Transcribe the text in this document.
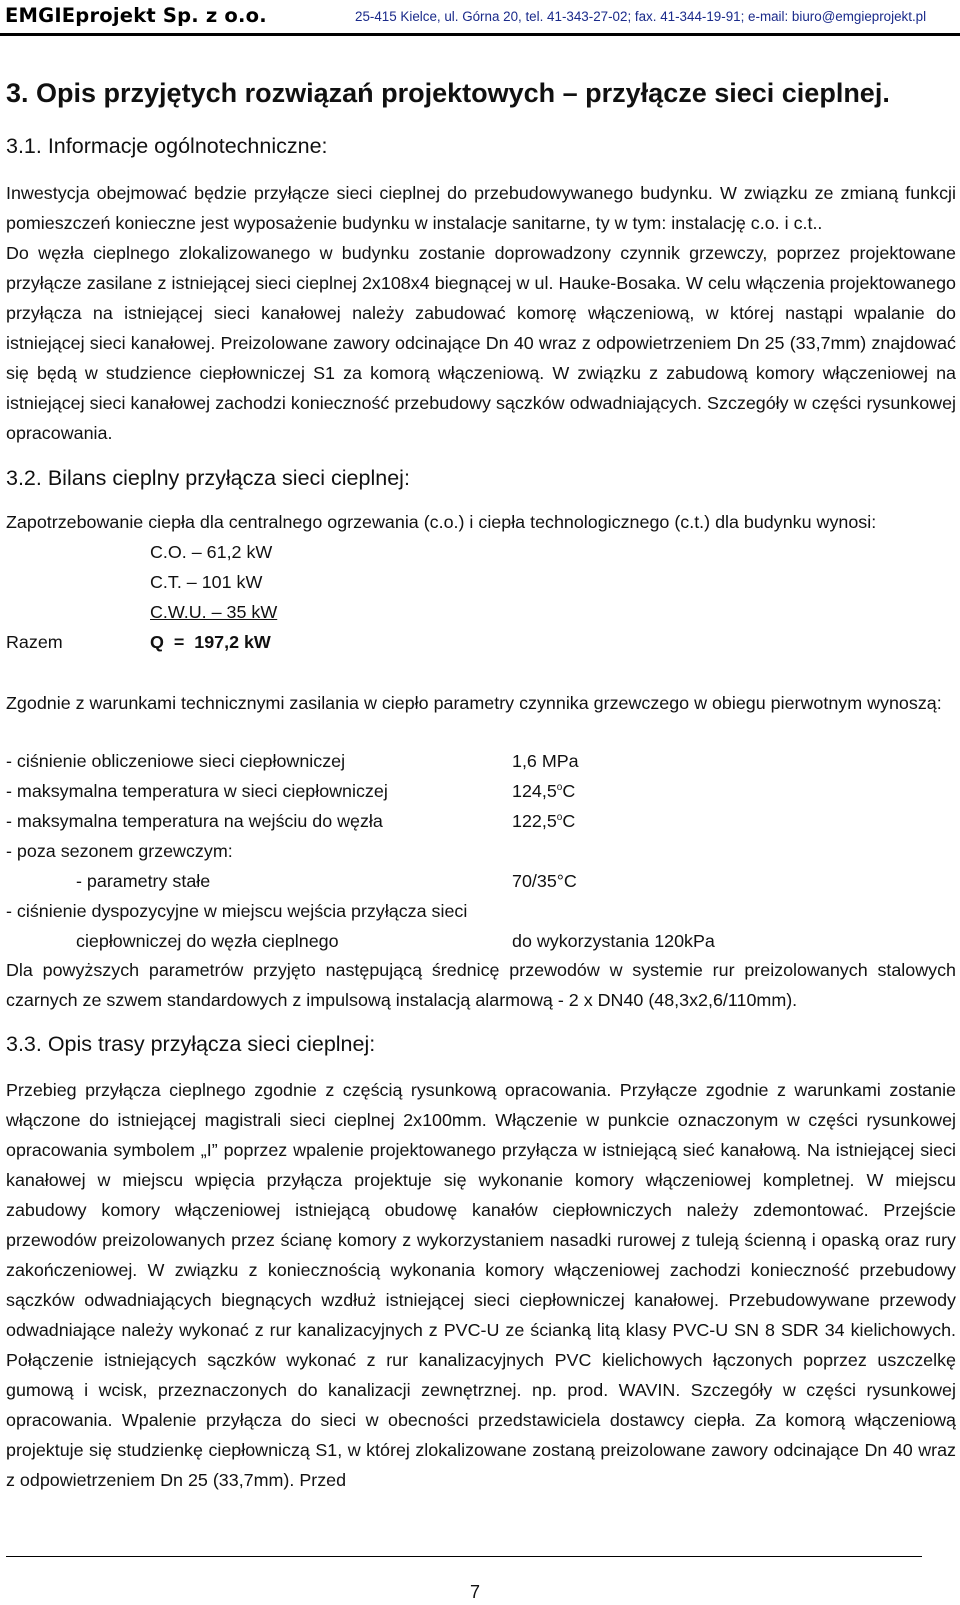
EMGIEprojekt Sp. z o.o.	25-415 Kielce, ul. Górna 20, tel. 41-343-27-02; fax. 41-344-19-91; e-mail: biuro@emgieprojekt.pl
3. Opis przyjętych rozwiązań projektowych – przyłącze sieci cieplnej.
3.1. Informacje ogólnotechniczne:

Inwestycja obejmować będzie przyłącze sieci cieplnej do przebudowywanego budynku. W związku ze zmianą funkcji pomieszczeń konieczne jest wyposażenie budynku w instalacje sanitarne, ty w tym: instalację c.o. i c.t..

Do węzła cieplnego zlokalizowanego w budynku zostanie doprowadzony czynnik grzewczy, poprzez projektowane przyłącze zasilane z istniejącej sieci cieplnej 2x108x4 biegnącej w ul. Hauke-Bosaka. W celu włączenia projektowanego przyłącza na istniejącej sieci kanałowej należy zabudować komorę włączeniową, w której nastąpi wpalanie do istniejącej sieci kanałowej. Preizolowane zawory odcinające Dn 40 wraz z odpowietrzeniem Dn 25 (33,7mm) znajdować się będą w studzience ciepłowniczej S1 za komorą włączeniową. W związku z zabudową komory włączeniowej na istniejącej sieci kanałowej zachodzi konieczność przebudowy sączków odwadniających. Szczegóły w części rysunkowej opracowania.

3.2. Bilans cieplny przyłącza sieci cieplnej:
Zapotrzebowanie ciepła dla centralnego ogrzewania (c.o.) i ciepła technologicznego (c.t.) dla budynku wynosi:
C.O. – 61,2 kW
C.T. – 101 kW
C.W.U. – 35 kW
Razem	Q  =  197,2 kW

Zgodnie z warunkami technicznymi zasilania w ciepło parametry czynnika grzewczego w obiegu pierwotnym wynoszą:

- ciśnienie obliczeniowe sieci ciepłowniczej	1,6 MPa
- maksymalna temperatura w sieci ciepłowniczej	124,5$^o$C
- maksymalna temperatura na wejściu do węzła	122,5$^o$C
- poza sezonem grzewczym:
- parametry stałe	70/35°C
- ciśnienie dyspozycyjne w miejscu wejścia przyłącza sieci
ciepłowniczej do węzła cieplnego	do wykorzystania 120kPa

Dla powyższych parametrów przyjęto następującą średnicę przewodów w systemie rur preizolowanych stalowych czarnych ze szwem standardowych z impulsową instalacją alarmową - 2 x DN40 (48,3x2,6/110mm).

3.3. Opis trasy przyłącza sieci cieplnej:

Przebieg przyłącza cieplnego zgodnie z częścią rysunkową opracowania. Przyłącze zgodnie z warunkami zostanie włączone do istniejącej magistrali sieci cieplnej 2x100mm. Włączenie w punkcie oznaczonym w części rysunkowej opracowania symbolem „I” poprzez wpalenie projektowanego przyłącza w istniejącą sieć kanałową. Na istniejącej sieci kanałowej w miejscu wpięcia przyłącza projektuje się wykonanie komory włączeniowej kompletnej. W miejscu zabudowy komory włączeniowej istniejącą obudowę kanałów ciepłowniczych należy zdemontować. Przejście przewodów preizolowanych przez ścianę komory z wykorzystaniem nasadki rurowej z tuleją ścienną i opaską oraz rury zakończeniowej. W związku z koniecznością wykonania komory włączeniowej zachodzi konieczność przebudowy sączków odwadniających biegnących wzdłuż istniejącej sieci ciepłowniczej kanałowej. Przebudowywane przewody odwadniające należy wykonać z rur kanalizacyjnych z PVC-U ze ścianką litą klasy PVC-U SN 8 SDR 34 kielichowych. Połączenie istniejących sączków wykonać z rur kanalizacyjnych PVC kielichowych łączonych poprzez uszczelkę gumową i wcisk, przeznaczonych do kanalizacji zewnętrznej. np. prod. WAVIN. Szczegóły w części rysunkowej opracowania. Wpalenie przyłącza do sieci w obecności przedstawiciela dostawcy ciepła. Za komorą włączeniową projektuje się studzienkę ciepłowniczą S1, w której zlokalizowane zostaną preizolowane zawory odcinające Dn 40 wraz z odpowietrzeniem Dn 25 (33,7mm). Przed

7
